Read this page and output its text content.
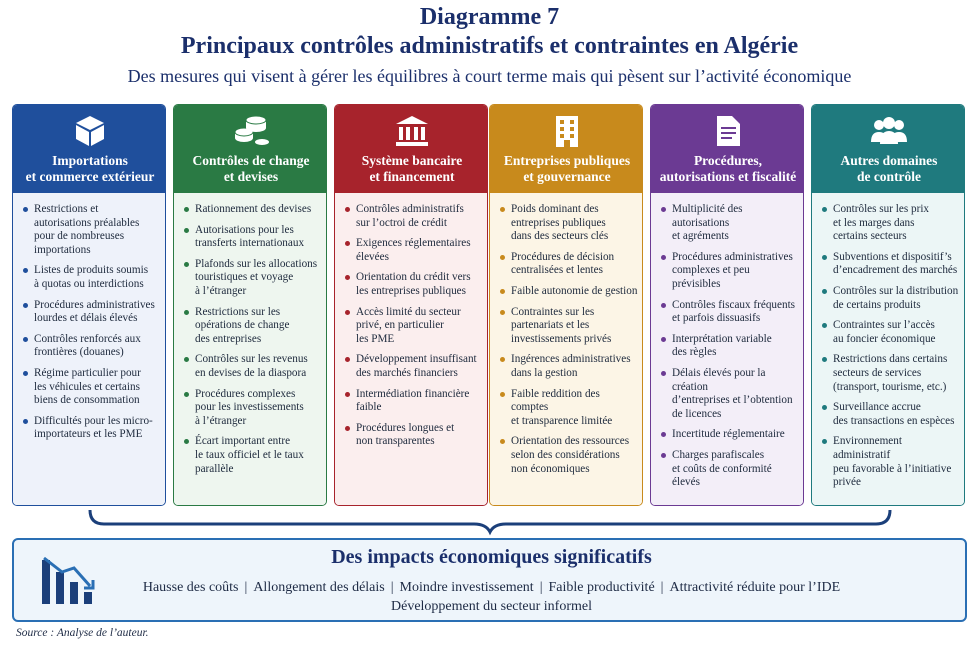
Diagramme 7
Principaux contrôles administratifs et contraintes en Algérie
Des mesures qui visent à gérer les équilibres à court terme mais qui pèsent sur l’activité économique
Importations
et commerce extérieur
Restrictions et
autorisations préalables
pour de nombreuses
importations
Listes de produits soumis
à quotas ou interdictions
Procédures administratives
lourdes et délais élevés
Contrôles renforcés aux
frontières (douanes)
Régime particulier pour
les véhicules et certains
biens de consommation
Difficultés pour les micro-
importateurs et les PME
Contrôles de change
et devises
Rationnement des devises
Autorisations pour les
transferts internationaux
Plafonds sur les allocations
touristiques et voyage
à l’étranger
Restrictions sur les
opérations de change
des entreprises
Contrôles sur les revenus
en devises de la diaspora
Procédures complexes
pour les investissements
à l’étranger
Écart important entre
le taux officiel et le taux
parallèle
Système bancaire
et financement
Contrôles administratifs
sur l’octroi de crédit
Exigences réglementaires
élevées
Orientation du crédit vers
les entreprises publiques
Accès limité du secteur
privé, en particulier
les PME
Développement insuffisant
des marchés financiers
Intermédiation financière
faible
Procédures longues et
non transparentes
Entreprises publiques
et gouvernance
Poids dominant des
entreprises publiques
dans des secteurs clés
Procédures de décision
centralisées et lentes
Faible autonomie de gestion
Contraintes sur les
partenariats et les
investissements privés
Ingérences administratives
dans la gestion
Faible reddition des comptes
et transparence limitée
Orientation des ressources
selon des considérations
non économiques
Procédures,
autorisations et fiscalité
Multiplicité des autorisations
et agréments
Procédures administratives
complexes et peu prévisibles
Contrôles fiscaux fréquents
et parfois dissuasifs
Interprétation variable
des règles
Délais élevés pour la création
d’entreprises et l’obtention
de licences
Incertitude réglementaire
Charges parafiscales
et coûts de conformité
élevés
Autres domaines
de contrôle
Contrôles sur les prix
et les marges dans
certains secteurs
Subventions et dispositif’s
d’encadrement des marchés
Contrôles sur la distribution
de certains produits
Contraintes sur l’accès
au foncier économique
Restrictions dans certains
secteurs de services
(transport, tourisme, etc.)
Surveillance accrue
des transactions en espèces
Environnement administratif
peu favorable à l’initiative
privée
Des impacts économiques significatifs
Hausse des coûts | Allongement des délais | Moindre investissement | Faible productivité | Attractivité réduite pour l’IDE
Développement du secteur informel
Source : Analyse de l’auteur.
